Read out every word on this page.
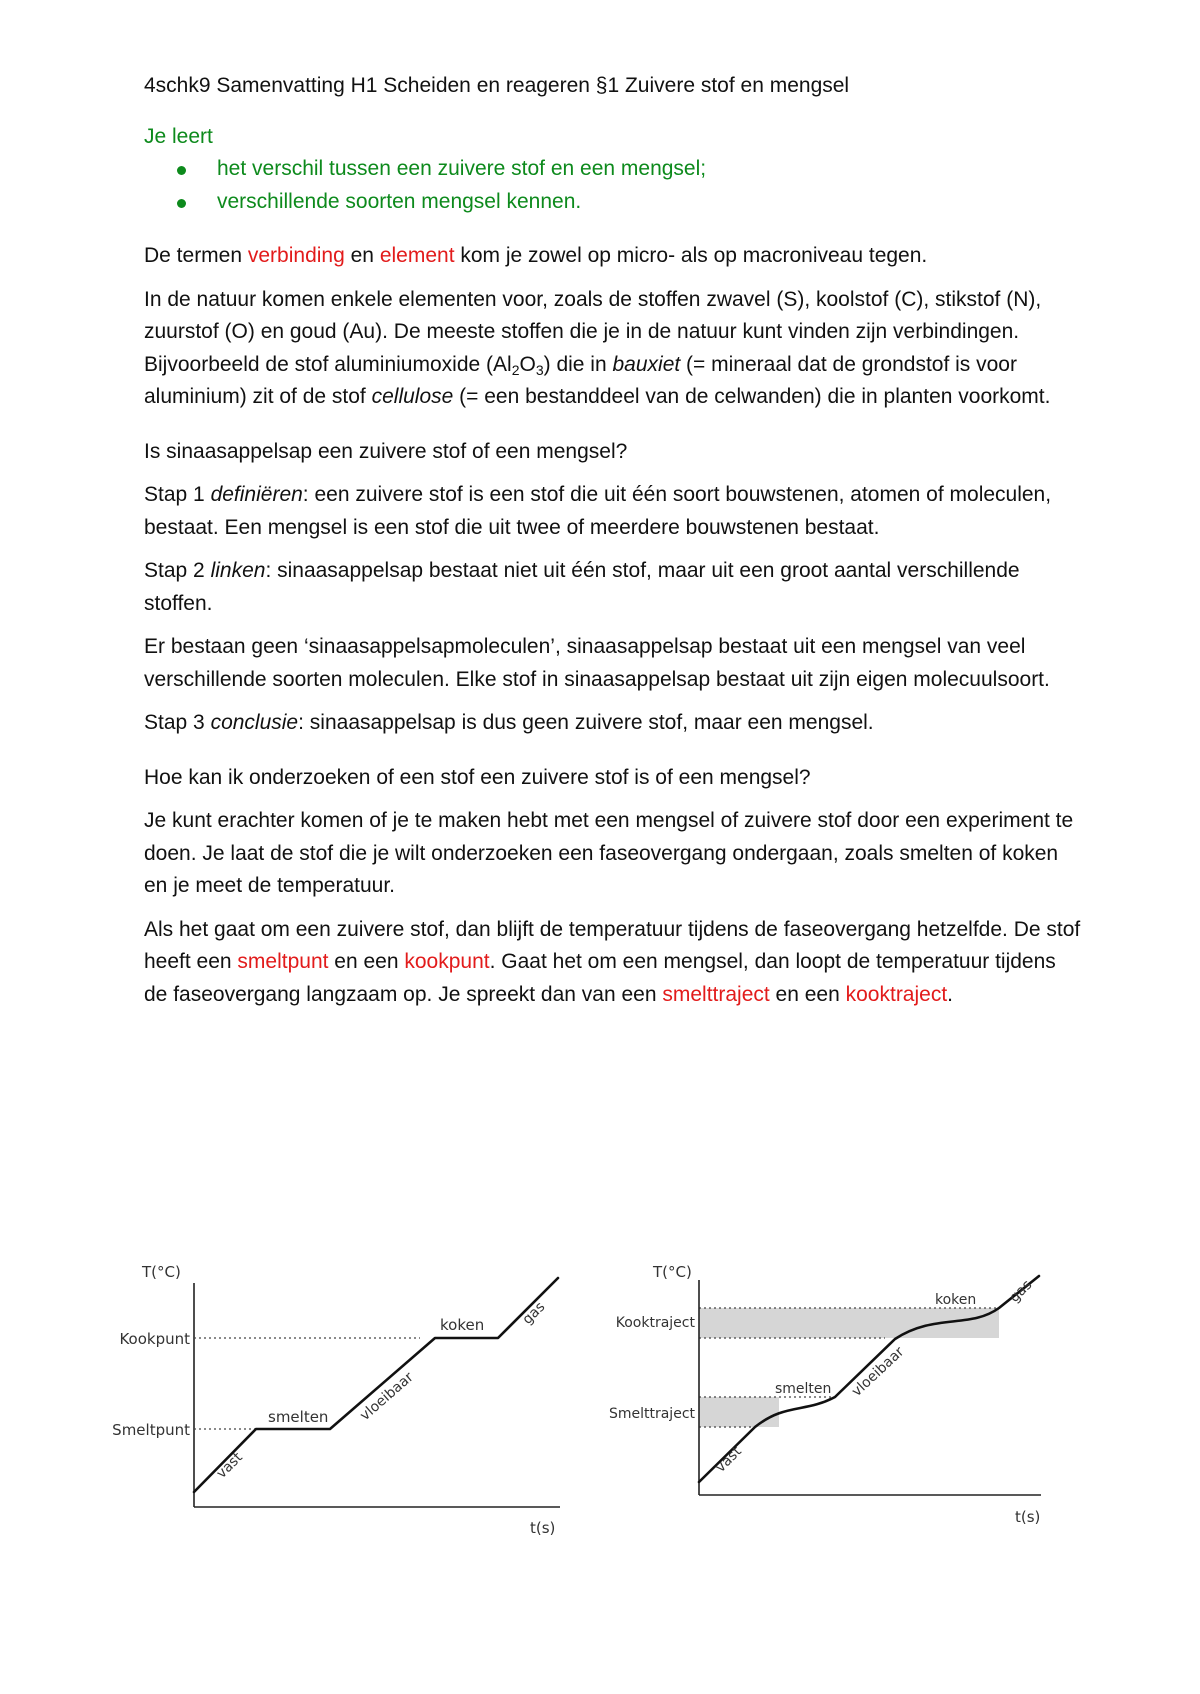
4schk9 Samenvatting H1 Scheiden en reageren §1 Zuivere stof en mengsel
Je leert
het verschil tussen een zuivere stof en een mengsel;
verschillende soorten mengsel kennen.

De termen verbinding en element kom je zowel op micro- als op macroniveau tegen.

In de natuur komen enkele elementen voor, zoals de stoffen zwavel (S), koolstof (C), stikstof (N), zuurstof (O) en goud (Au). De meeste stoffen die je in de natuur kunt vinden zijn verbindingen. Bijvoorbeeld de stof aluminiumoxide $(Al_2O_3)$ die in bauxiet (= mineraal dat de grondstof is voor aluminium) zit of de stof cellulose (= een bestanddeel van de celwanden) die in planten voorkomt.

Is sinaasappelsap een zuivere stof of een mengsel?

Stap 1 definiëren: een zuivere stof is een stof die uit één soort bouwstenen, atomen of moleculen, bestaat. Een mengsel is een stof die uit twee of meerdere bouwstenen bestaat.

Stap 2 linken: sinaasappelsap bestaat niet uit één stof, maar uit een groot aantal verschillende stoffen.

Er bestaan geen ‘sinaasappelsapmoleculen’, sinaasappelsap bestaat uit een mengsel van veel verschillende soorten moleculen. Elke stof in sinaasappelsap bestaat uit zijn eigen molecuulsoort.

Stap 3 conclusie: sinaasappelsap is dus geen zuivere stof, maar een mengsel.

Hoe kan ik onderzoeken of een stof een zuivere stof is of een mengsel?

Je kunt erachter komen of je te maken hebt met een mengsel of zuivere stof door een experiment te doen. Je laat de stof die je wilt onderzoeken een faseovergang ondergaan, zoals smelten of koken en je meet de temperatuur.

Als het gaat om een zuivere stof, dan blijft de temperatuur tijdens de faseovergang hetzelfde. De stof heeft een smeltpunt en een kookpunt. Gaat het om een mengsel, dan loopt de temperatuur tijdens de faseovergang langzaam op. Je spreekt dan van een smelttraject en een kooktraject.

T(°C)
t(s)
Kookpunt
Smeltpunt
vast
smelten vloeibaar
koken	gas
T(°C)
t(s)
Kooktraject
Smelttraject
vast
smelten vloeibaar
koken gas
